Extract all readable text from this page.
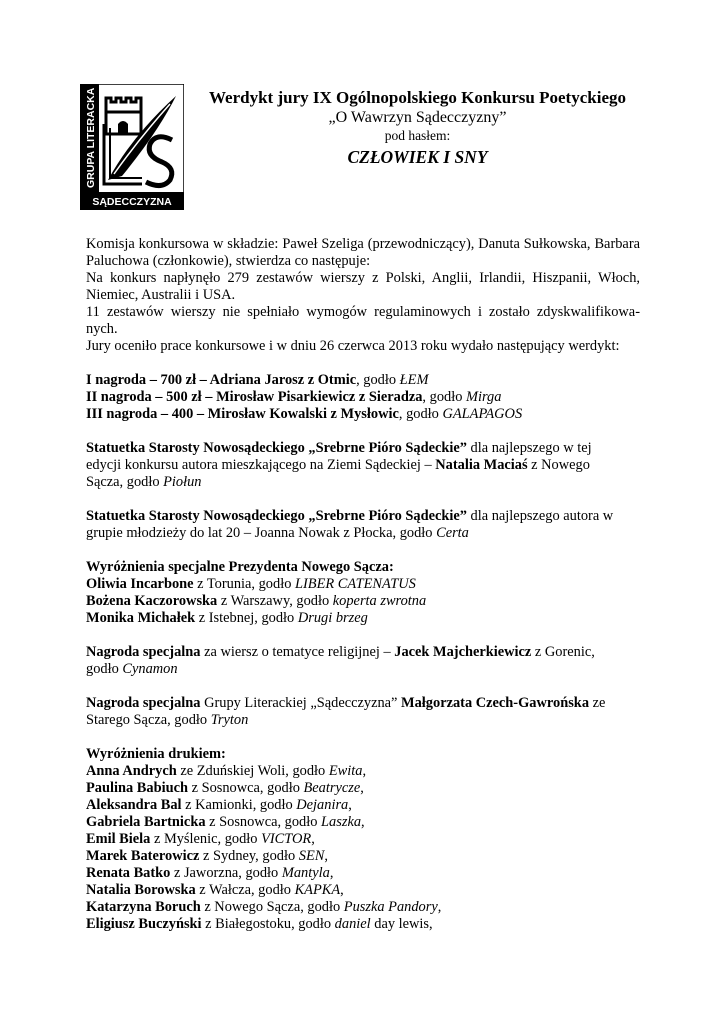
GRUPA LITERACKA
SĄDECCZYZNA
Werdykt jury IX Ogólnopolskiego Konkursu Poetyckiego
„O Wawrzyn Sądecczyzny”
pod hasłem:
CZŁOWIEK I SNY
Komisja konkursowa w składzie: Paweł Szeliga (przewodniczący), Danuta Sułkowska, Barbara
Paluchowa (członkowie), stwierdza co następuje:
Na konkurs napłynęło 279 zestawów wierszy z Polski, Anglii, Irlandii, Hiszpanii, Włoch,
Niemiec, Australii i USA.
11 zestawów wierszy nie spełniało wymogów regulaminowych i zostało zdyskwalifikowa-
nych.
Jury oceniło prace konkursowe i w dniu 26 czerwca 2013 roku wydało następujący werdykt:
I nagroda – 700 zł – Adriana Jarosz z Otmic, godło ŁEM
II nagroda – 500 zł – Mirosław Pisarkiewicz z Sieradza, godło Mirga
III nagroda – 400 – Mirosław Kowalski z Mysłowic, godło GALAPAGOS
Statuetka Starosty Nowosądeckiego „Srebrne Pióro Sądeckie” dla najlepszego w tej
edycji konkursu autora mieszkającego na Ziemi Sądeckiej – Natalia Maciaś z Nowego
Sącza, godło Piołun
Statuetka Starosty Nowosądeckiego „Srebrne Pióro Sądeckie” dla najlepszego autora w
grupie młodzieży do lat 20 – Joanna Nowak z Płocka, godło Certa
Wyróżnienia specjalne Prezydenta Nowego Sącza:
Oliwia Incarbone z Torunia, godło LIBER CATENATUS
Bożena Kaczorowska z Warszawy, godło koperta zwrotna
Monika Michałek z Istebnej, godło Drugi brzeg
Nagroda specjalna za wiersz o tematyce religijnej – Jacek Majcherkiewicz z Gorenic,
godło Cynamon
Nagroda specjalna Grupy Literackiej „Sądecczyzna” Małgorzata Czech-Gawrońska ze
Starego Sącza, godło Tryton
Wyróżnienia drukiem:
Anna Andrych ze Zduńskiej Woli, godło Ewita,
Paulina Babiuch z Sosnowca, godło Beatrycze,
Aleksandra Bal z Kamionki, godło Dejanira,
Gabriela Bartnicka z Sosnowca, godło Laszka,
Emil Biela z Myślenic, godło VICTOR,
Marek Baterowicz z Sydney, godło SEN,
Renata Batko z Jaworzna, godło Mantyla,
Natalia Borowska z Wałcza, godło KAPKA,
Katarzyna Boruch z Nowego Sącza, godło Puszka Pandory,
Eligiusz Buczyński z Białegostoku, godło daniel day lewis,
